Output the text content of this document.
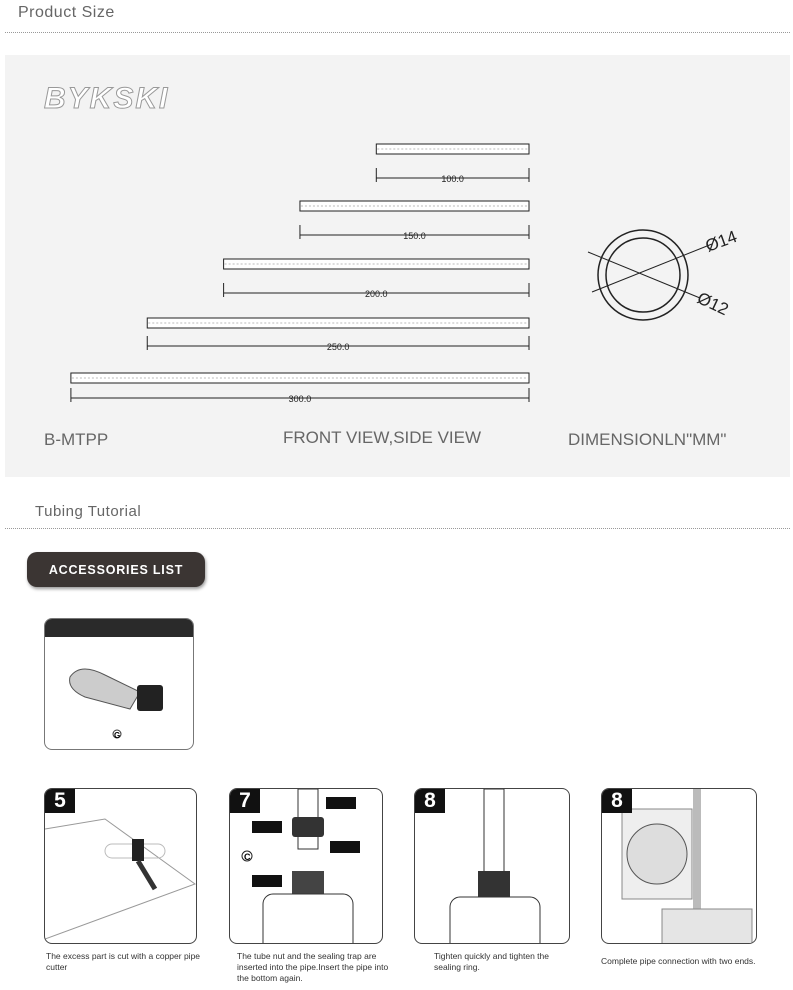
Product Size
BYKSKI
100.0
150.0
200.0
250.0
300.0
Ø14
Ø12
B-MTPP	FRONT VIEW,SIDE VIEW	DIMENSIONLN"MM"
Tubing Tutorial
ACCESSORIES LIST
G
5	7
C
8	8
The excess part is cut with a copper pipe cutter
The tube nut and the sealing trap are inserted into the pipe.Insert the pipe into the bottom again.
Tighten quickly and tighten the sealing ring.
Complete pipe connection with two ends.
